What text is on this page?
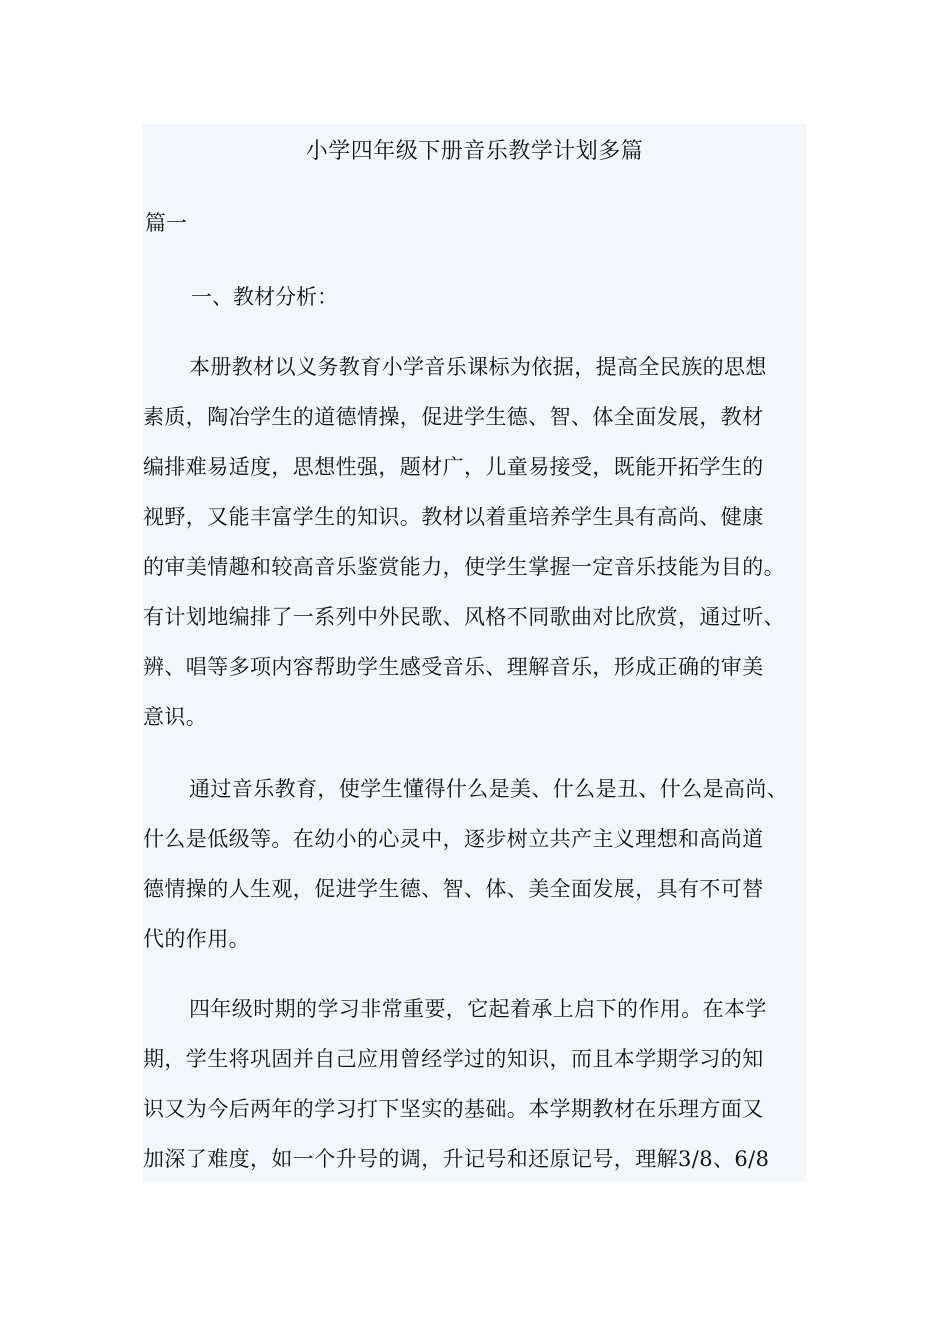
小学四年级下册音乐教学计划多篇
篇一
一、教材分析：
本册教材以义务教育小学音乐课标为依据，提高全民族的思想
素质，陶冶学生的道德情操，促进学生德、智、体全面发展，教材
编排难易适度，思想性强，题材广，儿童易接受，既能开拓学生的
视野，又能丰富学生的知识。教材以着重培养学生具有高尚、健康
的审美情趣和较高音乐鉴赏能力，使学生掌握一定音乐技能为目的。
有计划地编排了一系列中外民歌、风格不同歌曲对比欣赏，通过听、
辨、唱等多项内容帮助学生感受音乐、理解音乐，形成正确的审美
意识。
通过音乐教育，使学生懂得什么是美、什么是丑、什么是高尚、
什么是低级等。在幼小的心灵中，逐步树立共产主义理想和高尚道
德情操的人生观，促进学生德、智、体、美全面发展，具有不可替
代的作用。
四年级时期的学习非常重要，它起着承上启下的作用。在本学
期，学生将巩固并自己应用曾经学过的知识，而且本学期学习的知
识又为今后两年的学习打下坚实的基础。本学期教材在乐理方面又
加深了难度，如一个升号的调，升记号和还原记号，理解3/8、6/8
